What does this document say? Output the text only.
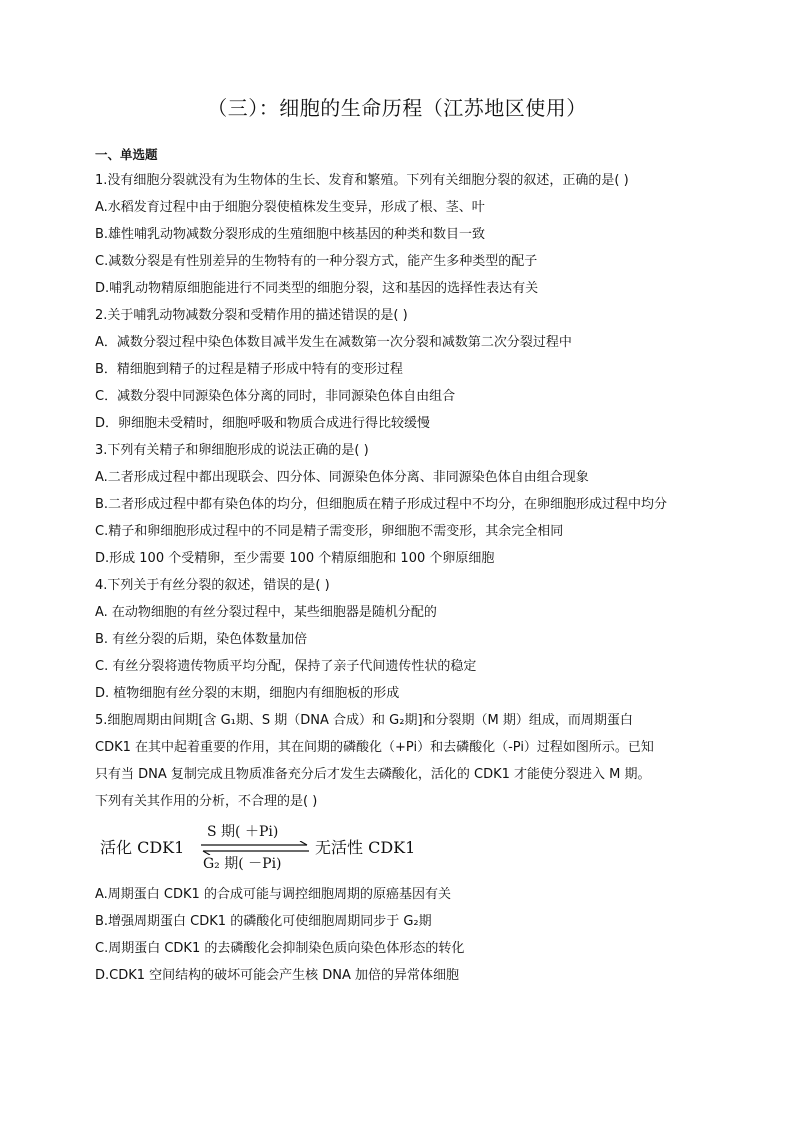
（三）：细胞的生命历程（江苏地区使用）
一、单选题
1.没有细胞分裂就没有为生物体的生长、发育和繁殖。下列有关细胞分裂的叙述，正确的是( )
A.水稻发育过程中由于细胞分裂使植株发生变异，形成了根、茎、叶
B.雄性哺乳动物减数分裂形成的生殖细胞中核基因的种类和数目一致
C.减数分裂是有性别差异的生物特有的一种分裂方式，能产生多种类型的配子
D.哺乳动物精原细胞能进行不同类型的细胞分裂，这和基因的选择性表达有关
2.关于哺乳动物减数分裂和受精作用的描述错误的是( )
A．减数分裂过程中染色体数目减半发生在减数第一次分裂和减数第二次分裂过程中
B．精细胞到精子的过程是精子形成中特有的变形过程
C．减数分裂中同源染色体分离的同时，非同源染色体自由组合
D．卵细胞未受精时，细胞呼吸和物质合成进行得比较缓慢
3.下列有关精子和卵细胞形成的说法正确的是( )
A.二者形成过程中都出现联会、四分体、同源染色体分离、非同源染色体自由组合现象
B.二者形成过程中都有染色体的均分，但细胞质在精子形成过程中不均分，在卵细胞形成过程中均分
C.精子和卵细胞形成过程中的不同是精子需变形，卵细胞不需变形，其余完全相同
D.形成 100 个受精卵，至少需要 100 个精原细胞和 100 个卵原细胞
4.下列关于有丝分裂的叙述，错误的是( )
A. 在动物细胞的有丝分裂过程中，某些细胞器是随机分配的
B. 有丝分裂的后期，染色体数量加倍
C. 有丝分裂将遗传物质平均分配，保持了亲子代间遗传性状的稳定
D. 植物细胞有丝分裂的末期，细胞内有细胞板的形成
5.细胞周期由间期[含 G₁期、S 期（DNA 合成）和 G₂期]和分裂期（M 期）组成，而周期蛋白
CDK1 在其中起着重要的作用，其在间期的磷酸化（+Pi）和去磷酸化（-Pi）过程如图所示。已知
只有当 DNA 复制完成且物质准备充分后才发生去磷酸化，活化的 CDK1 才能使分裂进入 M 期。
下列有关其作用的分析，不合理的是( )
活化 CDK1
S 期( ＋Pi)
G₂ 期( －Pi)
无活性 CDK1
A.周期蛋白 CDK1 的合成可能与调控细胞周期的原癌基因有关
B.增强周期蛋白 CDK1 的磷酸化可使细胞周期同步于 G₂期
C.周期蛋白 CDK1 的去磷酸化会抑制染色质向染色体形态的转化
D.CDK1 空间结构的破坏可能会产生核 DNA 加倍的异常体细胞
